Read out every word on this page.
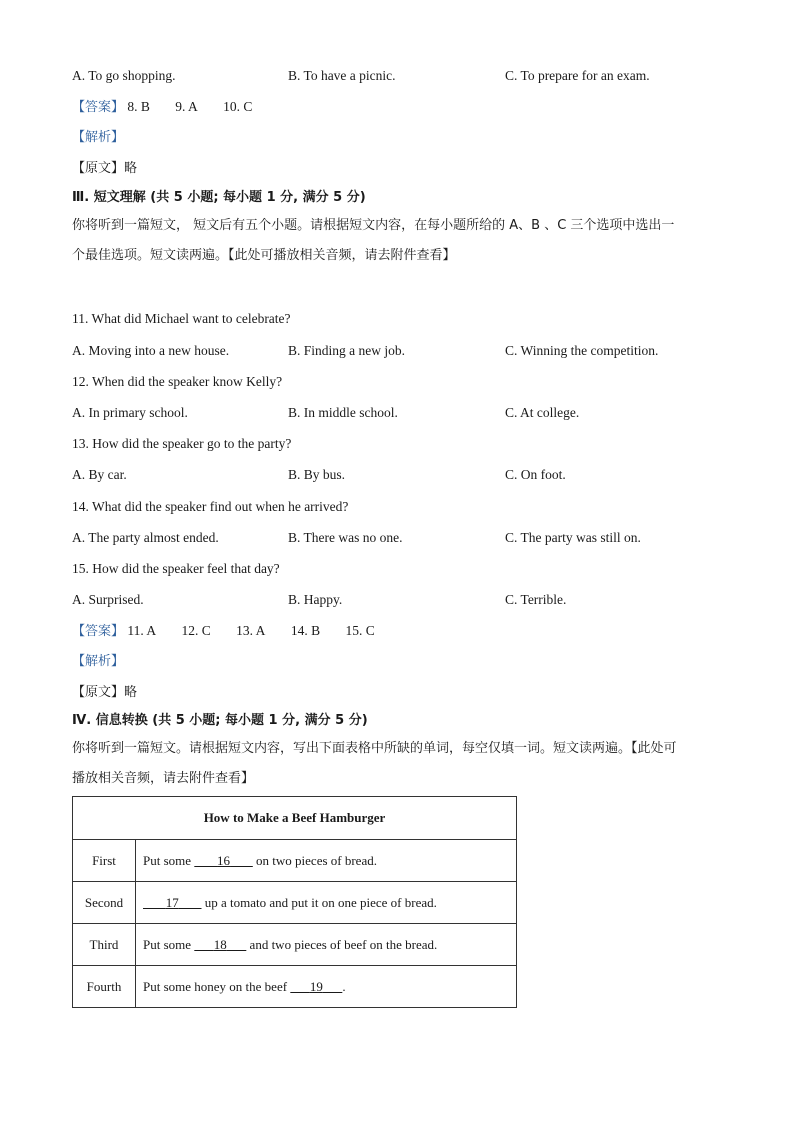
A. To go shopping.	B. To have a picnic.	C. To prepare for an exam.
【答案】 8. B 9. A 10. C
【解析】
【原文】略
Ⅲ. 短文理解 (共 5 小题; 每小题 1 分, 满分 5 分)
你将听到一篇短文， 短文后有五个小题。请根据短文内容，在每小题所给的 A、B 、C 三个选项中选出一
个最佳选项。短文读两遍。【此处可播放相关音频，请去附件查看】
11. What did Michael want to celebrate?
A. Moving into a new house.	B. Finding a new job.	C. Winning the competition.
12. When did the speaker know Kelly?
A. In primary school.	B. In middle school.	C. At college.
13. How did the speaker go to the party?
A. By car.	B. By bus.	C. On foot.
14. What did the speaker find out when he arrived?
A. The party almost ended.	B. There was no one.	C. The party was still on.
15. How did the speaker feel that day?
A. Surprised.	B. Happy.	C. Terrible.
【答案】 11. A 12. C 13. A 14. B 15. C
【解析】
【原文】略
Ⅳ. 信息转换 (共 5 小题; 每小题 1 分, 满分 5 分)
你将听到一篇短文。请根据短文内容，写出下面表格中所缺的单词，每空仅填一词。短文读两遍。【此处可
播放相关音频，请去附件查看】
How to Make a Beef Hamburger	
First	Put some        16        on two pieces of bread.
Second	17        up a tomato and put it on one piece of bread.
Third	Put some       18       and two pieces of beef on the bread.
Fourth	Put some honey on the beef       19 .
